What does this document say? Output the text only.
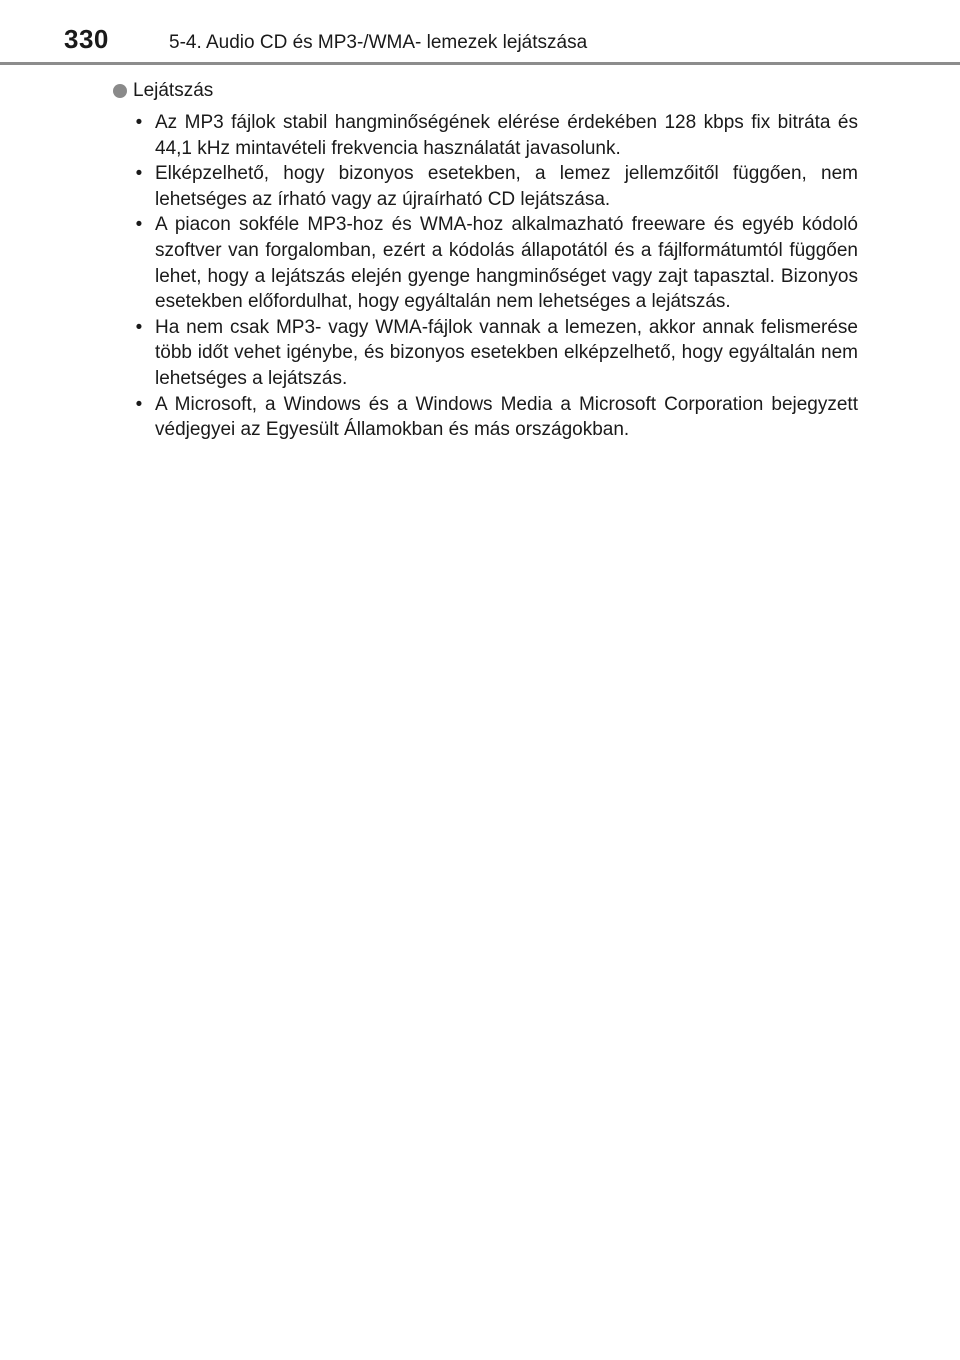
330	5-4. Audio CD és MP3-/WMA- lemezek lejátszása
Lejátszás
• Az MP3 fájlok stabil hangminőségének elérése érdekében 128 kbps fix bitráta és 44,1 kHz mintavételi frekvencia használatát javasolunk.
• Elképzelhető, hogy bizonyos esetekben, a lemez jellemzőitől függően, nem lehetséges az írható vagy az újraírható CD lejátszása.
• A piacon sokféle MP3-hoz és WMA-hoz alkalmazható freeware és egyéb kódoló szoftver van forgalomban, ezért a kódolás állapotától és a fájlformátumtól függően lehet, hogy a lejátszás elején gyenge hangminőséget vagy zajt tapasztal. Bizonyos esetekben előfordulhat, hogy egyáltalán nem lehetséges a lejátszás.
• Ha nem csak MP3- vagy WMA-fájlok vannak a lemezen, akkor annak felismerése több időt vehet igénybe, és bizonyos esetekben elképzelhető, hogy egyáltalán nem lehetséges a lejátszás.
• A Microsoft, a Windows és a Windows Media a Microsoft Corporation bejegyzett védjegyei az Egyesült Államokban és más országokban.
